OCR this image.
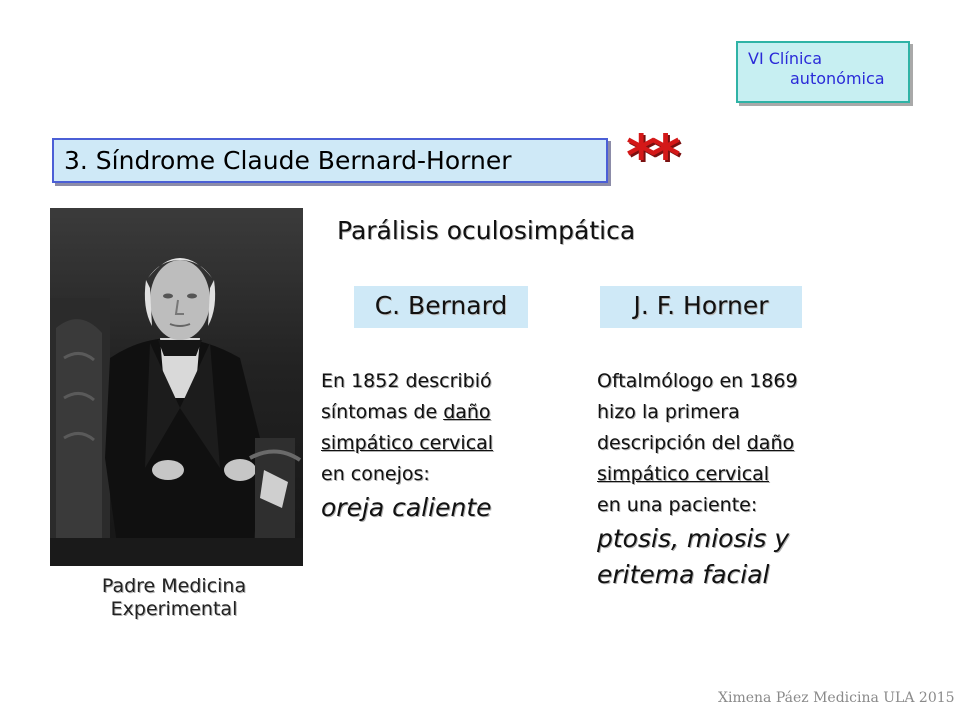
VI Clínica
autonómica
3. Síndrome Claude Bernard-Horner	**
Padre Medicina
Experimental
Parálisis oculosimpática
C. Bernard	J. F. Horner
En 1852 describió
síntomas de daño
simpático cervical
en conejos:
oreja caliente
Oftalmólogo en 1869
hizo la primera
descripción del daño
simpático cervical
en una paciente:
ptosis, miosis y
eritema facial
Ximena Páez Medicina ULA 2015
